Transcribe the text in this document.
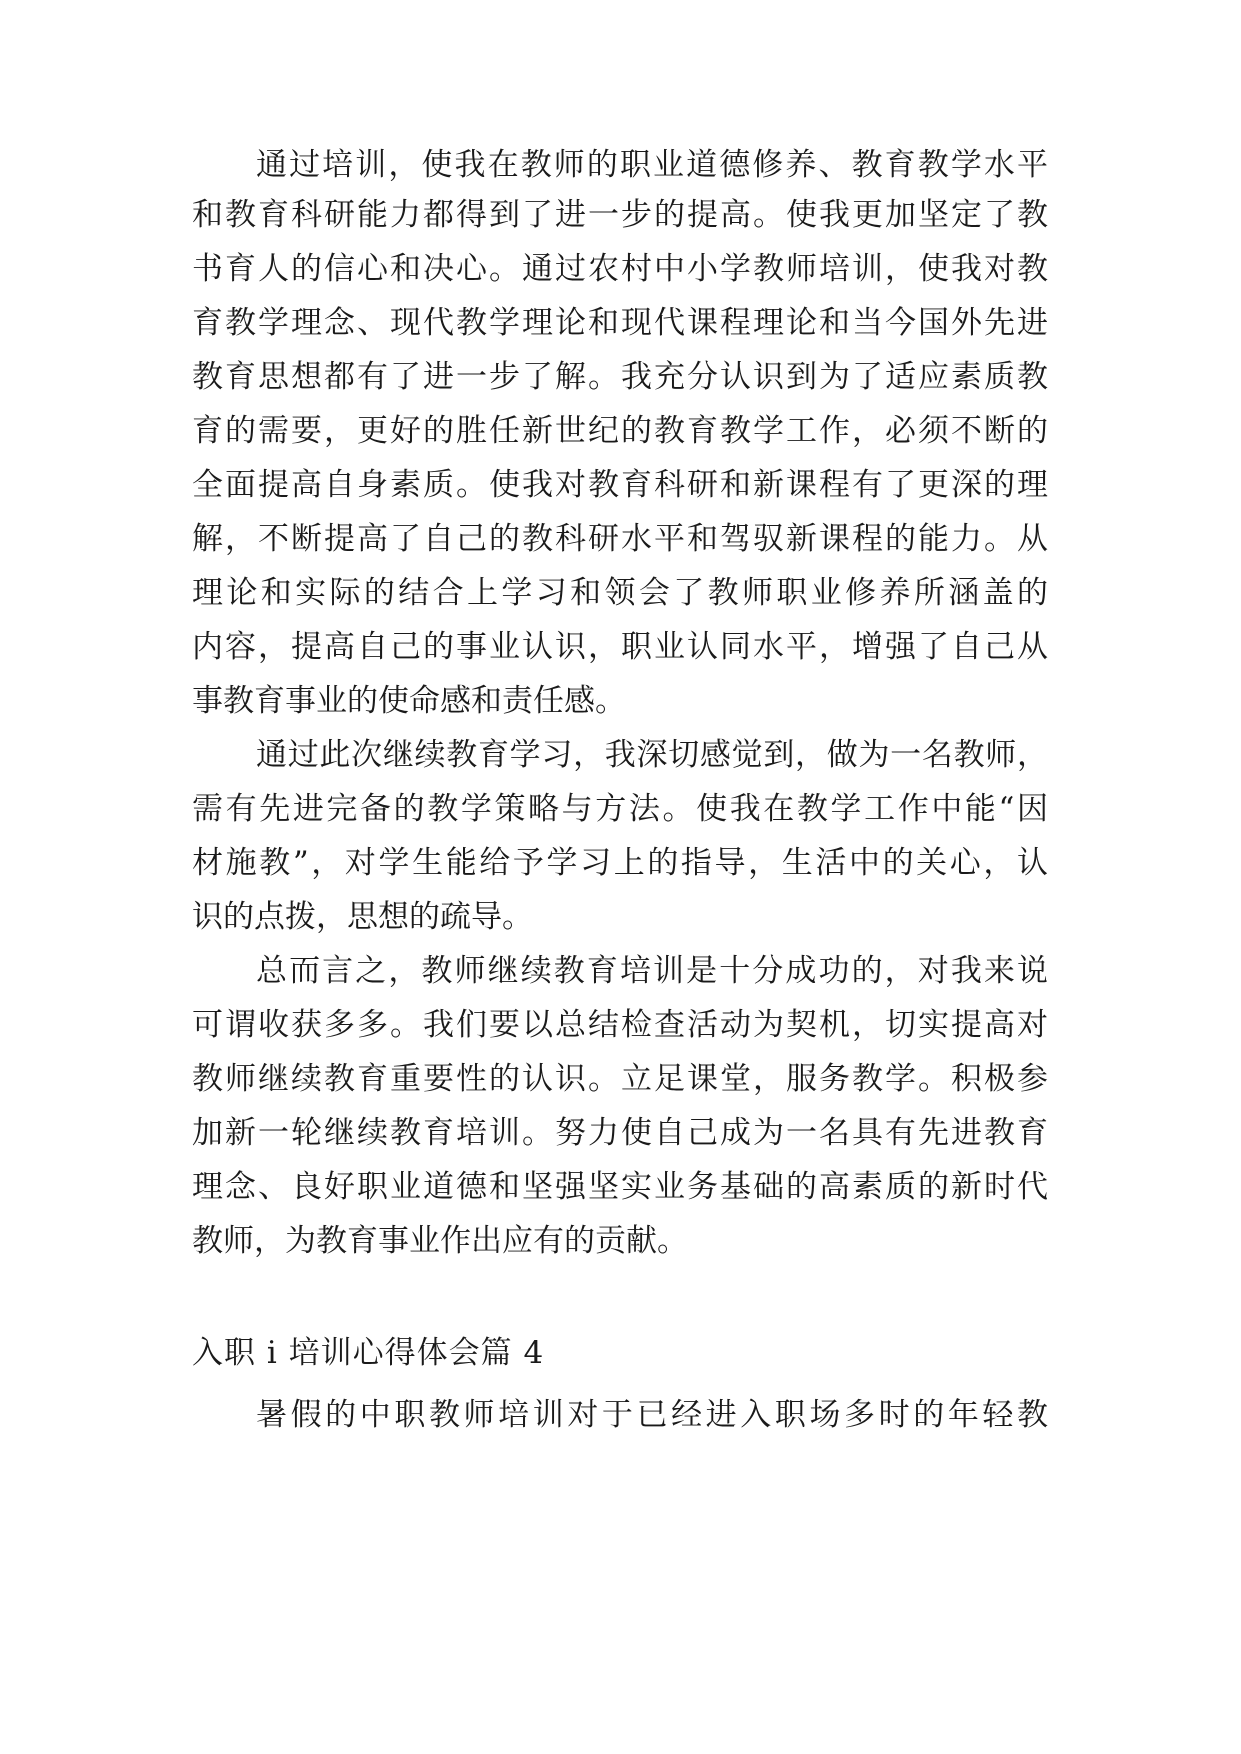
通过培训，使我在教师的职业道德修养、教育教学水平
和教育科研能力都得到了进一步的提高。使我更加坚定了教
书育人的信心和决心。通过农村中小学教师培训，使我对教
育教学理念、现代教学理论和现代课程理论和当今国外先进
教育思想都有了进一步了解。我充分认识到为了适应素质教
育的需要，更好的胜任新世纪的教育教学工作，必须不断的
全面提高自身素质。使我对教育科研和新课程有了更深的理
解，不断提高了自己的教科研水平和驾驭新课程的能力。从
理论和实际的结合上学习和领会了教师职业修养所涵盖的
内容，提高自己的事业认识，职业认同水平，增强了自己从
事教育事业的使命感和责任感。
通过此次继续教育学习，我深切感觉到，做为一名教师，
需有先进完备的教学策略与方法。使我在教学工作中能“因
材施教”，对学生能给予学习上的指导，生活中的关心，认
识的点拨，思想的疏导。
总而言之，教师继续教育培训是十分成功的，对我来说
可谓收获多多。我们要以总结检查活动为契机，切实提高对
教师继续教育重要性的认识。立足课堂，服务教学。积极参
加新一轮继续教育培训。努力使自己成为一名具有先进教育
理念、良好职业道德和坚强坚实业务基础的高素质的新时代
教师，为教育事业作出应有的贡献。
入职 i 培训心得体会篇 4
暑假的中职教师培训对于已经进入职场多时的年轻教
